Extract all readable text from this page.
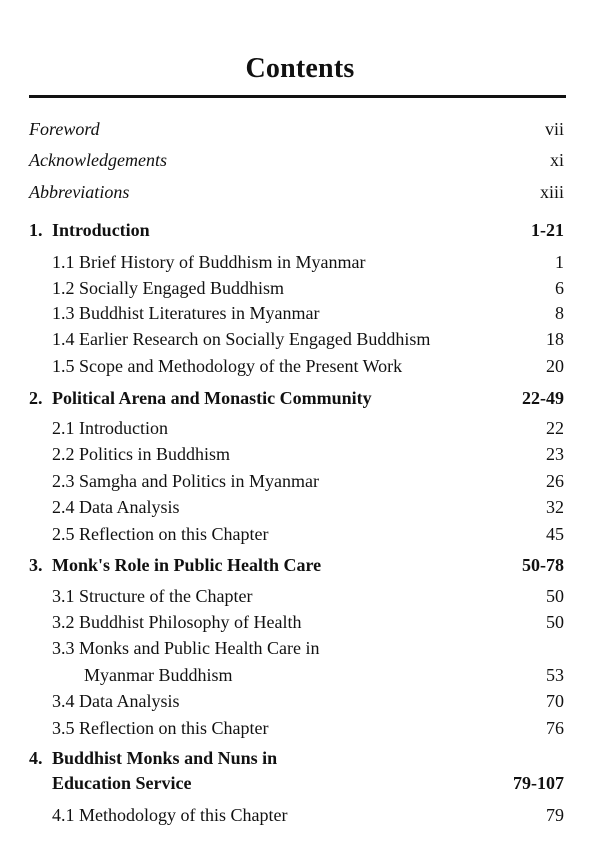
Contents
Foreword	vii
Acknowledgements	xi
Abbreviations	xiii
1. Introduction	1-21
1.1 Brief History of Buddhism in Myanmar	1
1.2 Socially Engaged Buddhism	6
1.3 Buddhist Literatures in Myanmar	8
1.4 Earlier Research on Socially Engaged Buddhism	18
1.5 Scope and Methodology of the Present Work	20
2. Political Arena and Monastic Community	22-49
2.1 Introduction	22
2.2 Politics in Buddhism	23
2.3 Samgha and Politics in Myanmar	26
2.4 Data Analysis	32
2.5 Reflection on this Chapter	45
3. Monk's Role in Public Health Care	50-78
3.1 Structure of the Chapter	50
3.2 Buddhist Philosophy of Health	50
3.3 Monks and Public Health Care in
Myanmar Buddhism	53
3.4 Data Analysis	70
3.5 Reflection on this Chapter	76
4. Buddhist Monks and Nuns in
Education Service	79-107
4.1 Methodology of this Chapter	79
